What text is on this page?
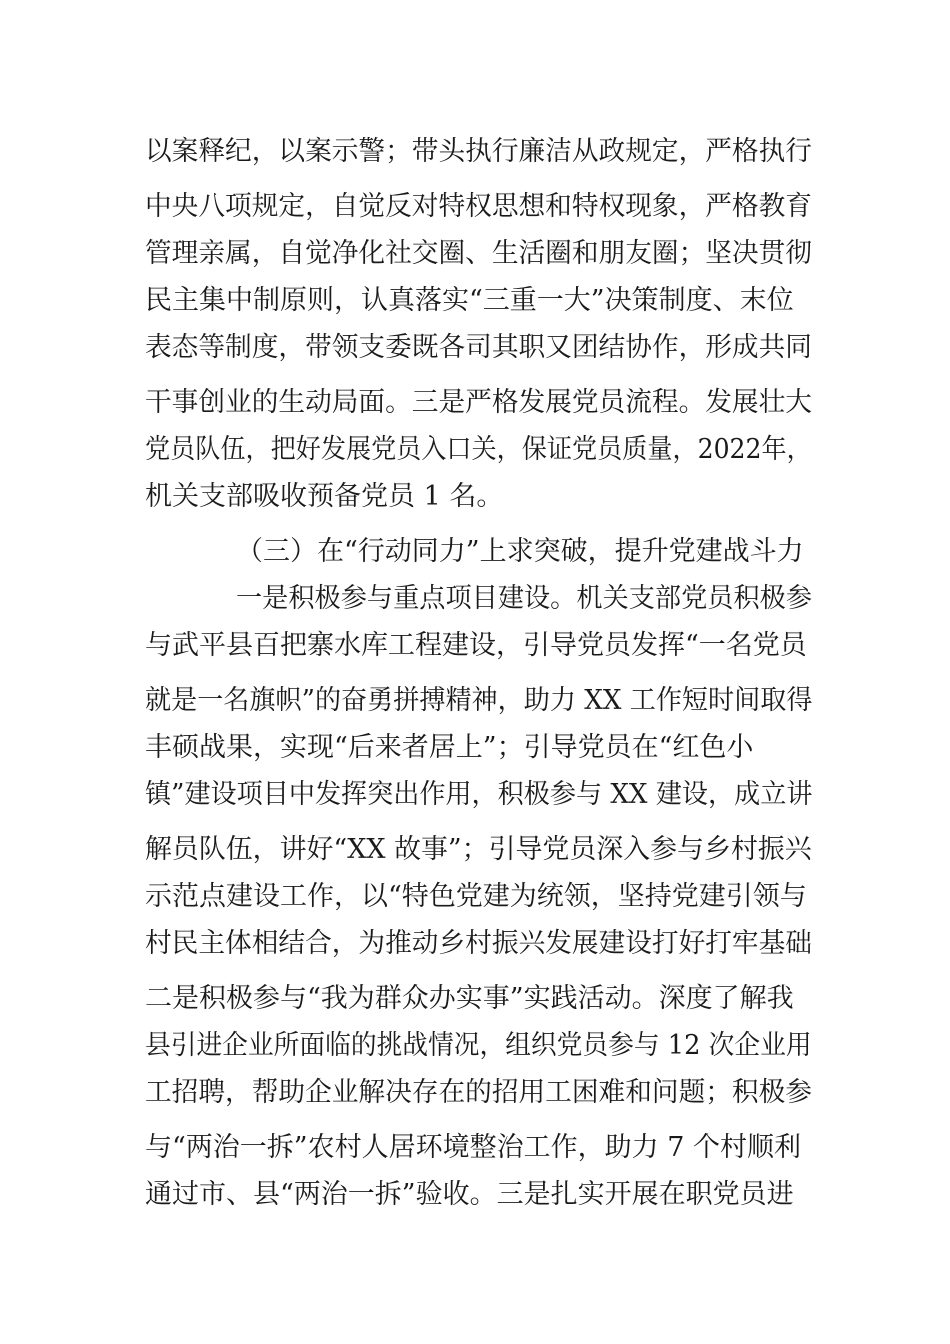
以案释纪，以案示警；带头执行廉洁从政规定，严格执行

中央八项规定，自觉反对特权思想和特权现象，严格教育

管理亲属，自觉净化社交圈、生活圈和朋友圈；坚决贯彻

民主集中制原则，认真落实“三重一大”决策制度、末位

表态等制度，带领支委既各司其职又团结协作，形成共同

干事创业的生动局面。三是严格发展党员流程。发展壮大

党员队伍，把好发展党员入口关，保证党员质量，2022年，

机关支部吸收预备党员 1 名。

（三）在“行动同力”上求突破，提升党建战斗力

一是积极参与重点项目建设。机关支部党员积极参

与武平县百把寨水库工程建设，引导党员发挥“一名党员

就是一名旗帜”的奋勇拼搏精神，助力 XX 工作短时间取得

丰硕战果，实现“后来者居上”；引导党员在“红色小

镇”建设项目中发挥突出作用，积极参与 XX 建设，成立讲

解员队伍，讲好“XX 故事”；引导党员深入参与乡村振兴

示范点建设工作，以“特色党建为统领，坚持党建引领与

村民主体相结合，为推动乡村振兴发展建设打好打牢基础

二是积极参与“我为群众办实事”实践活动。深度了解我

县引进企业所面临的挑战情况，组织党员参与 12 次企业用

工招聘，帮助企业解决存在的招用工困难和问题；积极参

与“两治一拆”农村人居环境整治工作，助力 7 个村顺利

通过市、县“两治一拆”验收。三是扎实开展在职党员进
